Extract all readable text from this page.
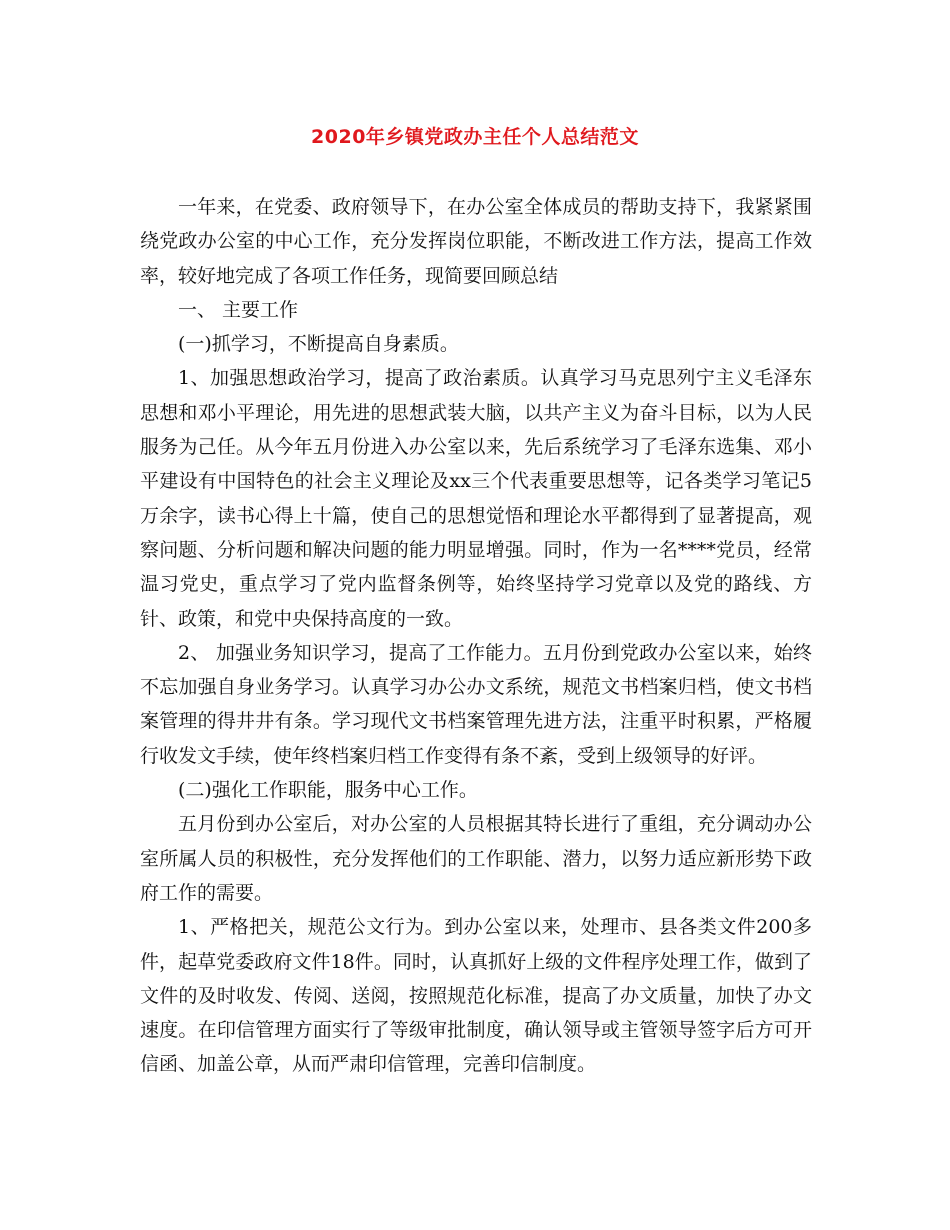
2020年乡镇党政办主任个人总结范文

一年来，在党委、政府领导下，在办公室全体成员的帮助支持下，我紧紧围绕党政办公室的中心工作，充分发挥岗位职能，不断改进工作方法，提高工作效率，较好地完成了各项工作任务，现简要回顾总结

一、 主要工作

(一)抓学习，不断提高自身素质。

1、加强思想政治学习，提高了政治素质。认真学习马克思列宁主义毛泽东思想和邓小平理论，用先进的思想武装大脑，以共产主义为奋斗目标，以为人民服务为己任。从今年五月份进入办公室以来，先后系统学习了毛泽东选集、邓小平建设有中国特色的社会主义理论及xx三个代表重要思想等，记各类学习笔记5万余字，读书心得上十篇，使自己的思想觉悟和理论水平都得到了显著提高，观察问题、分析问题和解决问题的能力明显增强。同时，作为一名****党员，经常温习党史，重点学习了党内监督条例等，始终坚持学习党章以及党的路线、方针、政策，和党中央保持高度的一致。

2、 加强业务知识学习，提高了工作能力。五月份到党政办公室以来，始终不忘加强自身业务学习。认真学习办公办文系统，规范文书档案归档，使文书档案管理的得井井有条。学习现代文书档案管理先进方法，注重平时积累，严格履行收发文手续，使年终档案归档工作变得有条不紊，受到上级领导的好评。

(二)强化工作职能，服务中心工作。

五月份到办公室后，对办公室的人员根据其特长进行了重组，充分调动办公室所属人员的积极性，充分发挥他们的工作职能、潜力，以努力适应新形势下政府工作的需要。

1、严格把关，规范公文行为。到办公室以来，处理市、县各类文件200多件，起草党委政府文件18件。同时，认真抓好上级的文件程序处理工作，做到了文件的及时收发、传阅、送阅，按照规范化标准，提高了办文质量，加快了办文速度。在印信管理方面实行了等级审批制度，确认领导或主管领导签字后方可开信函、加盖公章，从而严肃印信管理，完善印信制度。
